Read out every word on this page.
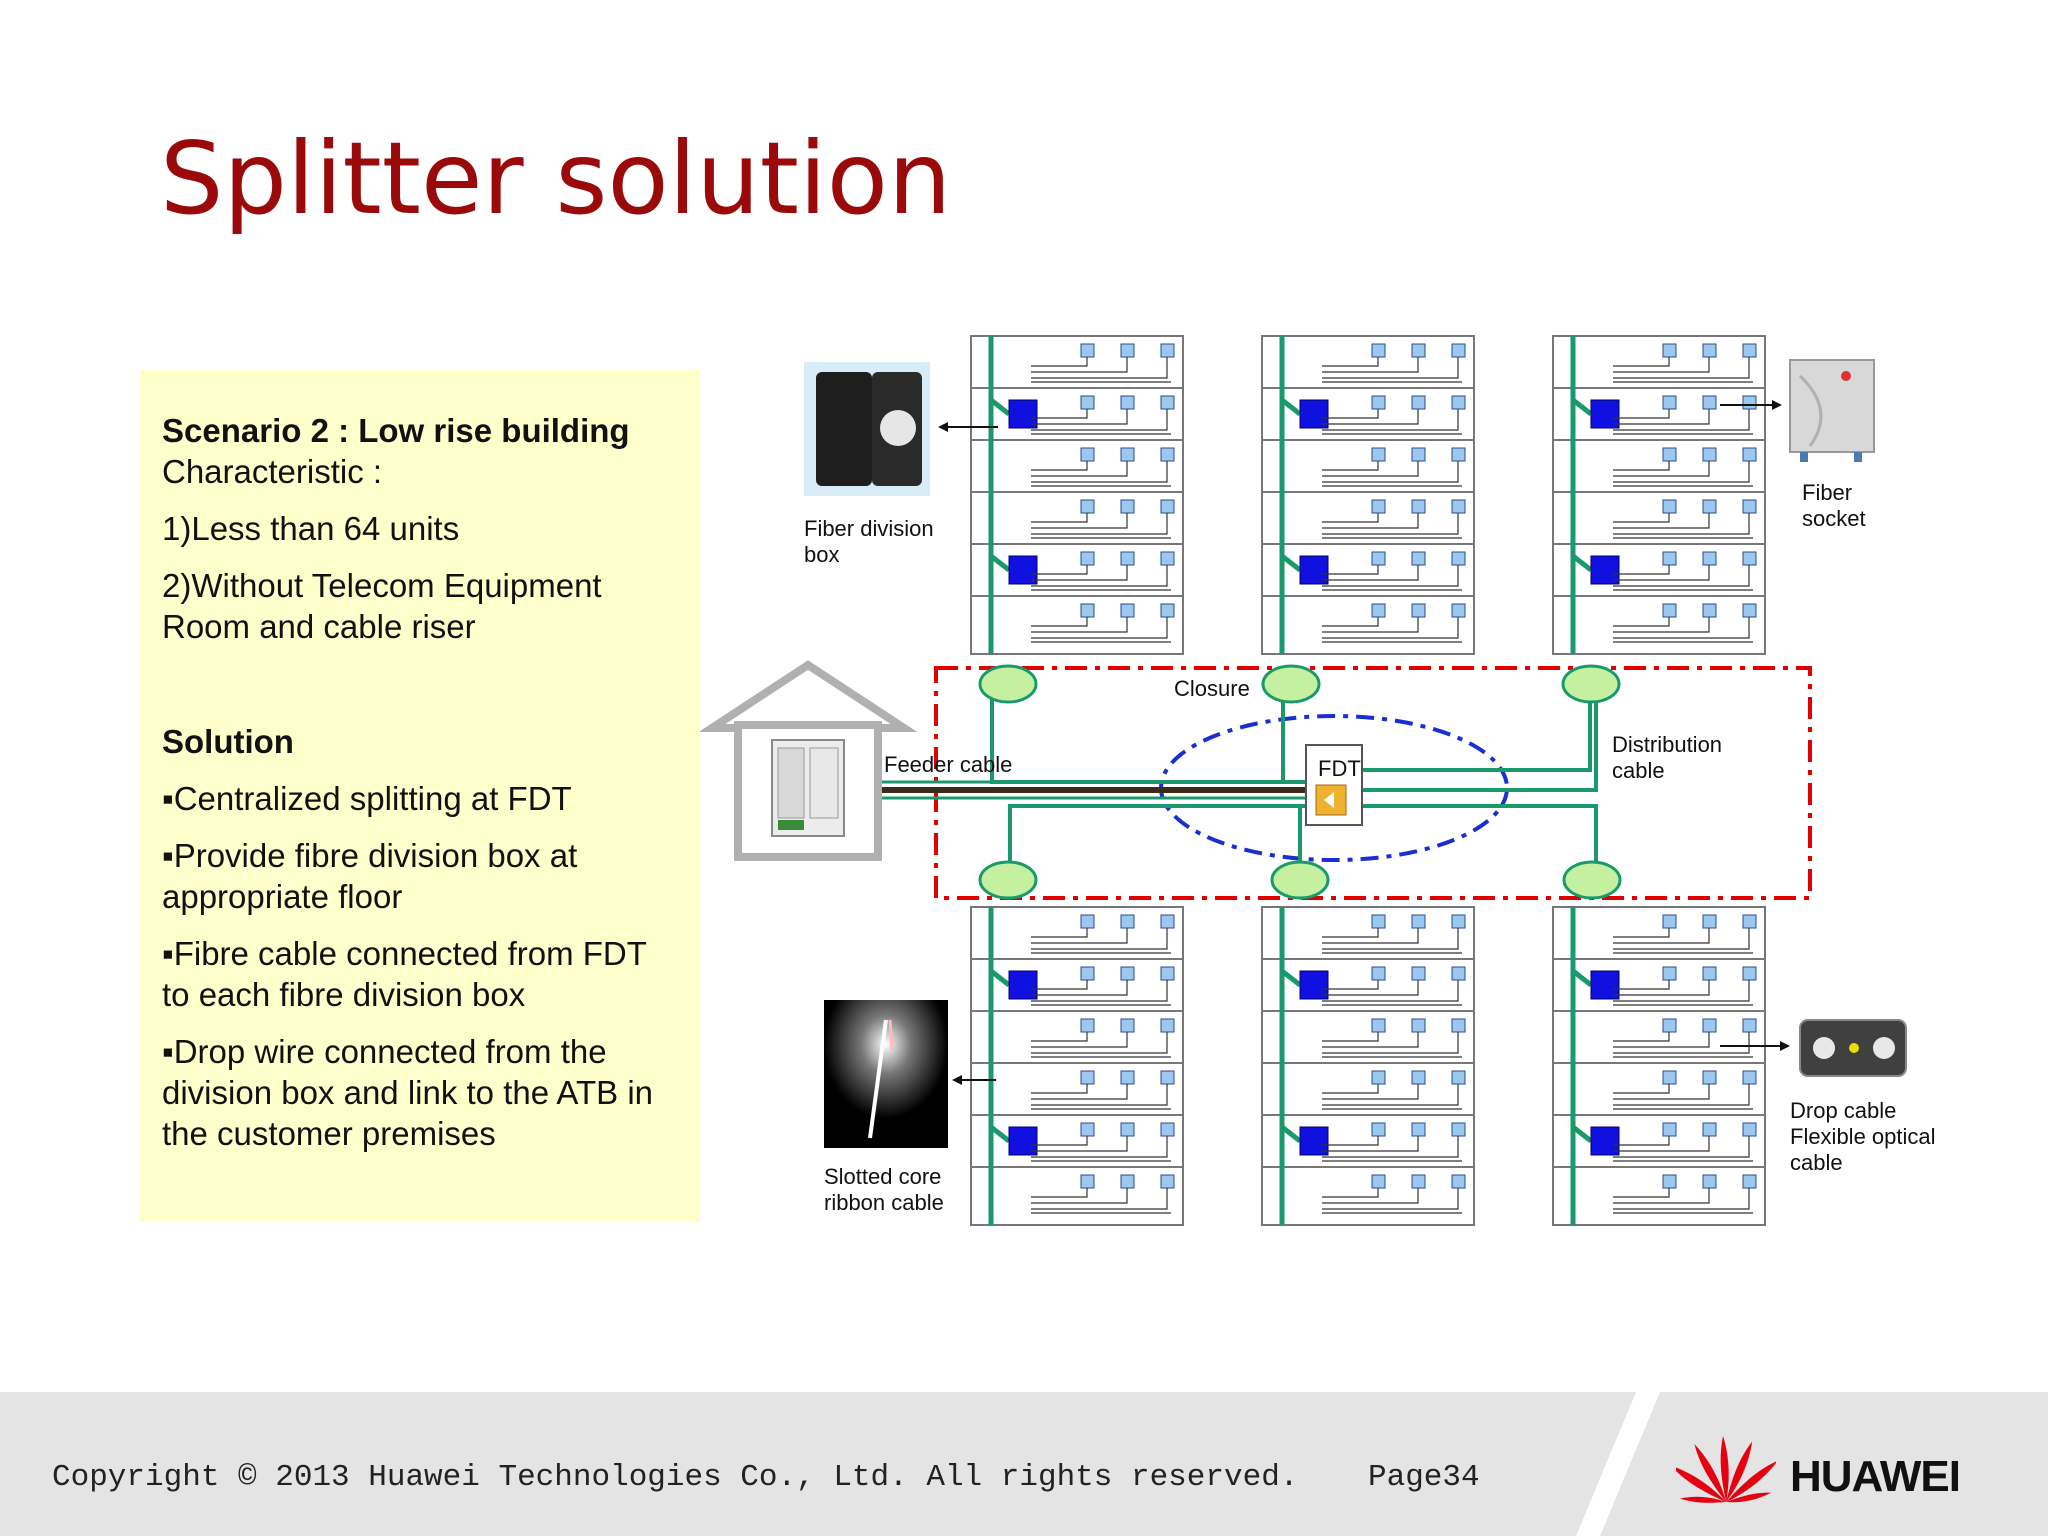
Splitter solution

Scenario 2 : Low rise building

Characteristic :

1)Less than 64 units

2)Without Telecom Equipment Room and cable riser

Solution

▪Centralized splitting at FDT

▪Provide fibre division box at appropriate floor

▪Fibre cable connected from FDT to each fibre division box

▪Drop wire connected from the division box and link to the ATB in the customer premises

FDT
Fiber division
box
Fiber
socket
Slotted core
ribbon cable
Drop cable
Flexible optical
cable
Closure
Feeder cable
Distribution
cable
Copyright © 2013 Huawei Technologies Co., Ltd. All rights reserved. Page34	HUAWEI
